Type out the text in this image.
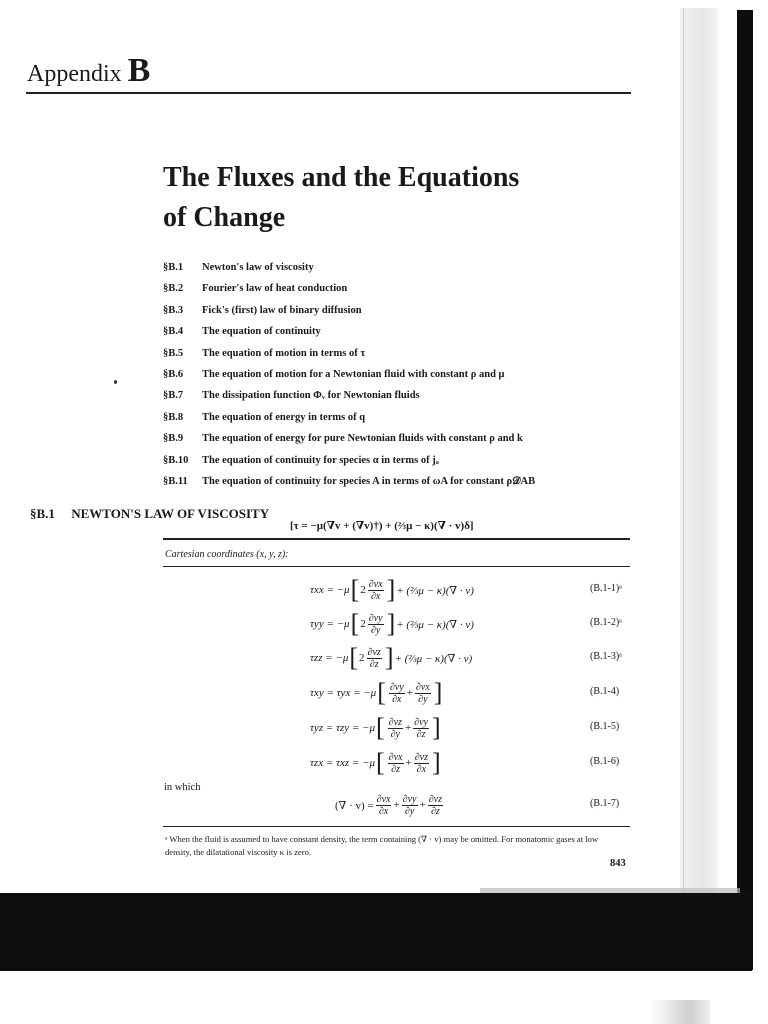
Appendix B
The Fluxes and the Equations
of Change
§B.1	Newton's law of viscosity
§B.2	Fourier's law of heat conduction
§B.3	Fick's (first) law of binary diffusion
§B.4	The equation of continuity
§B.5	The equation of motion in terms of τ
§B.6	The equation of motion for a Newtonian fluid with constant ρ and μ
§B.7	The dissipation function Φᵥ for Newtonian fluids
§B.8	The equation of energy in terms of q
§B.9	The equation of energy for pure Newtonian fluids with constant ρ and k
§B.10	The equation of continuity for species α in terms of jₐ
§B.11	The equation of continuity for species A in terms of ωA for constant ρ𝒟AB
§B.1 NEWTON'S LAW OF VISCOSITY
[τ = −μ(∇v + (∇v)†) + (⅔μ − κ)(∇ · v)δ]
Cartesian coordinates (x, y, z):
τxx = −μ [ $2 \frac{\partial vx}{\partial x}$ ] + (⅔μ − κ)(∇ · v)	(B.1-1)ᵃ
τyy = −μ [ $2 \frac{\partial vy}{\partial y}$ ] + (⅔μ − κ)(∇ · v)	(B.1-2)ᵃ
τzz = −μ [ $2 \frac{\partial vz}{\partial z}$ ] + (⅔μ − κ)(∇ · v)	(B.1-3)ᵃ
τxy = τyx = −μ [ $\frac{\partial vy}{\partial x} + \frac{\partial vx}{\partial y}$ ]	(B.1-4)
τyz = τzy = −μ [ $\frac{\partial vz}{\partial y} + \frac{\partial vy}{\partial z}$ ]	(B.1-5)
τzx = τxz = −μ [ $\frac{\partial vx}{\partial z} + \frac{\partial vz}{\partial x}$ ]	(B.1-6)
in which
(∇ · $v) = \frac{\partial vx}{\partial x} + \frac{\partial vy}{\partial y} + \frac{\partial vz}{\partial z}$	(B.1-7)
ᵃ When the fluid is assumed to have constant density, the term containing (∇ · v) may be omitted. For monatomic gases at low density, the dilatational viscosity κ is zero.
843
